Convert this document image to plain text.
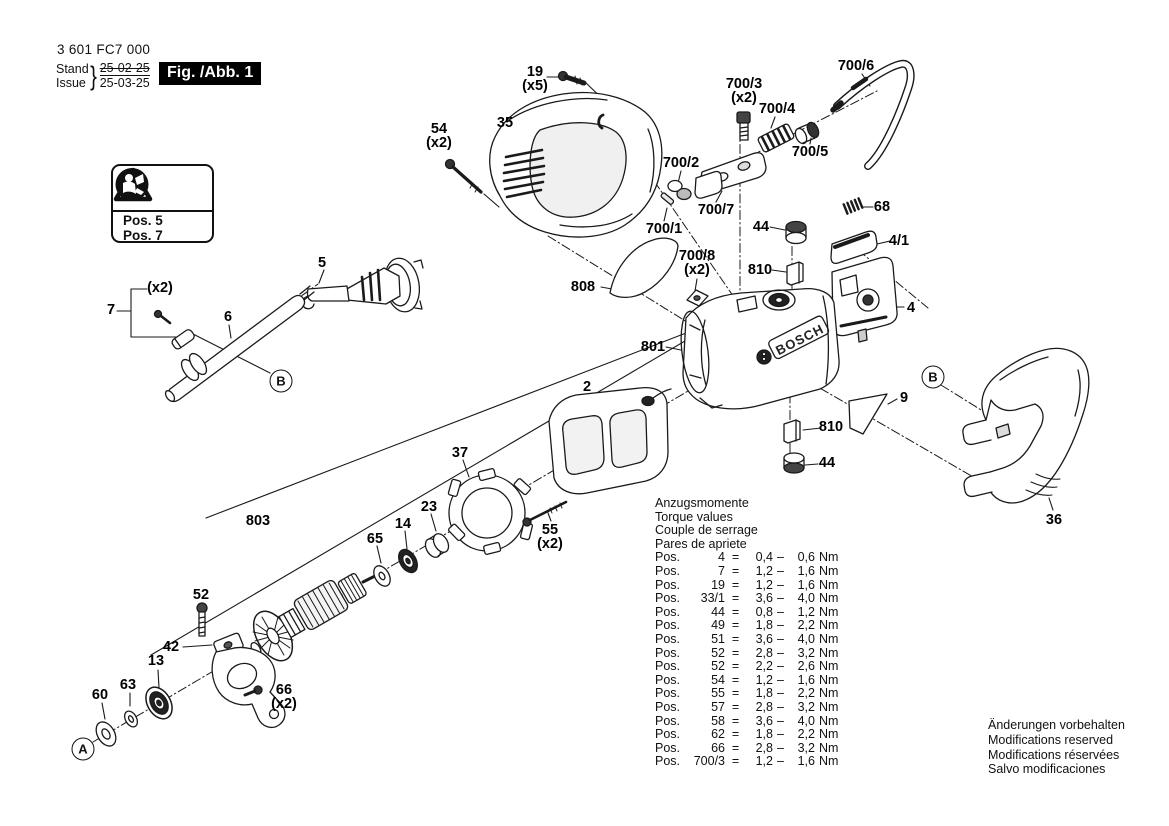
BOSCH
3 601 FC7 000
Stand
Issue } 25-02-25
25-03-25
Fig. /Abb. 1
Pos. 5
Pos. 7
19
(x5)
54
(x2)
35
700/3
(x2)
700/4
700/6
700/5
700/2
700/7
700/1
68
44
4/1
810
700/8
(x2)
808
801
4
9
810
44
36
5
7
(x2)
6
2
37
23
14	55
(x2)
803
65
52
42
13
63
60	66
(x2)
A
B	B
Anzugsmomente
Torque values
Couple de serrage
Pares de apriete
Pos.	4 =	0,4 –	0,6 Nm
Pos.	7 =	1,2 –	1,6 Nm
Pos.	19 =	1,2 –	1,6 Nm
Pos.	33/1 =	3,6 –	4,0 Nm
Pos.	44 =	0,8 –	1,2 Nm
Pos.	49 =	1,8 –	2,2 Nm
Pos.	51 =	3,6 –	4,0 Nm
Pos.	52 =	2,8 –	3,2 Nm
Pos.	52 =	2,2 –	2,6 Nm
Pos.	54 =	1,2 –	1,6 Nm
Pos.	55 =	1,8 –	2,2 Nm
Pos.	57 =	2,8 –	3,2 Nm
Pos.	58 =	3,6 –	4,0 Nm
Pos.	62 =	1,8 –	2,2 Nm
Pos.	66 =	2,8 –	3,2 Nm
Pos.	700/3 =	1,2 –	1,6 Nm
Änderungen vorbehalten
Modifications reserved
Modifications réservées
Salvo modificaciones
